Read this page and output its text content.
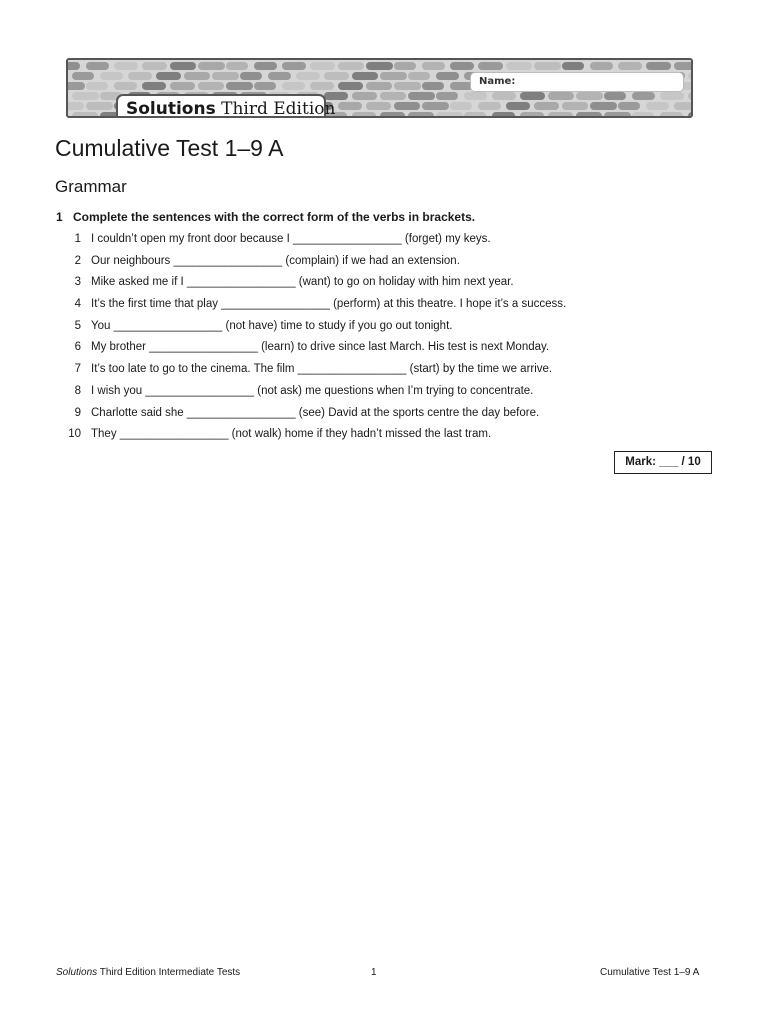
Name:
Solutions Third Edition
Cumulative Test 1–9 A
Grammar
1 Complete the sentences with the correct form of the verbs in brackets.
1 I couldn’t open my front door because I _________________ (forget) my keys.
2 Our neighbours _________________ (complain) if we had an extension.
3 Mike asked me if I _________________ (want) to go on holiday with him next year.
4 It’s the first time that play _________________ (perform) at this theatre. I hope it’s a success.
5 You _________________ (not have) time to study if you go out tonight.
6 My brother _________________ (learn) to drive since last March. His test is next Monday.
7 It’s too late to go to the cinema. The film _________________ (start) by the time we arrive.
8 I wish you _________________ (not ask) me questions when I’m trying to concentrate.
9 Charlotte said she _________________ (see) David at the sports centre the day before.
10 They _________________ (not walk) home if they hadn’t missed the last tram.
Mark: ___ / 10
Solutions Third Edition Intermediate Tests	1	Cumulative Test 1–9 A
